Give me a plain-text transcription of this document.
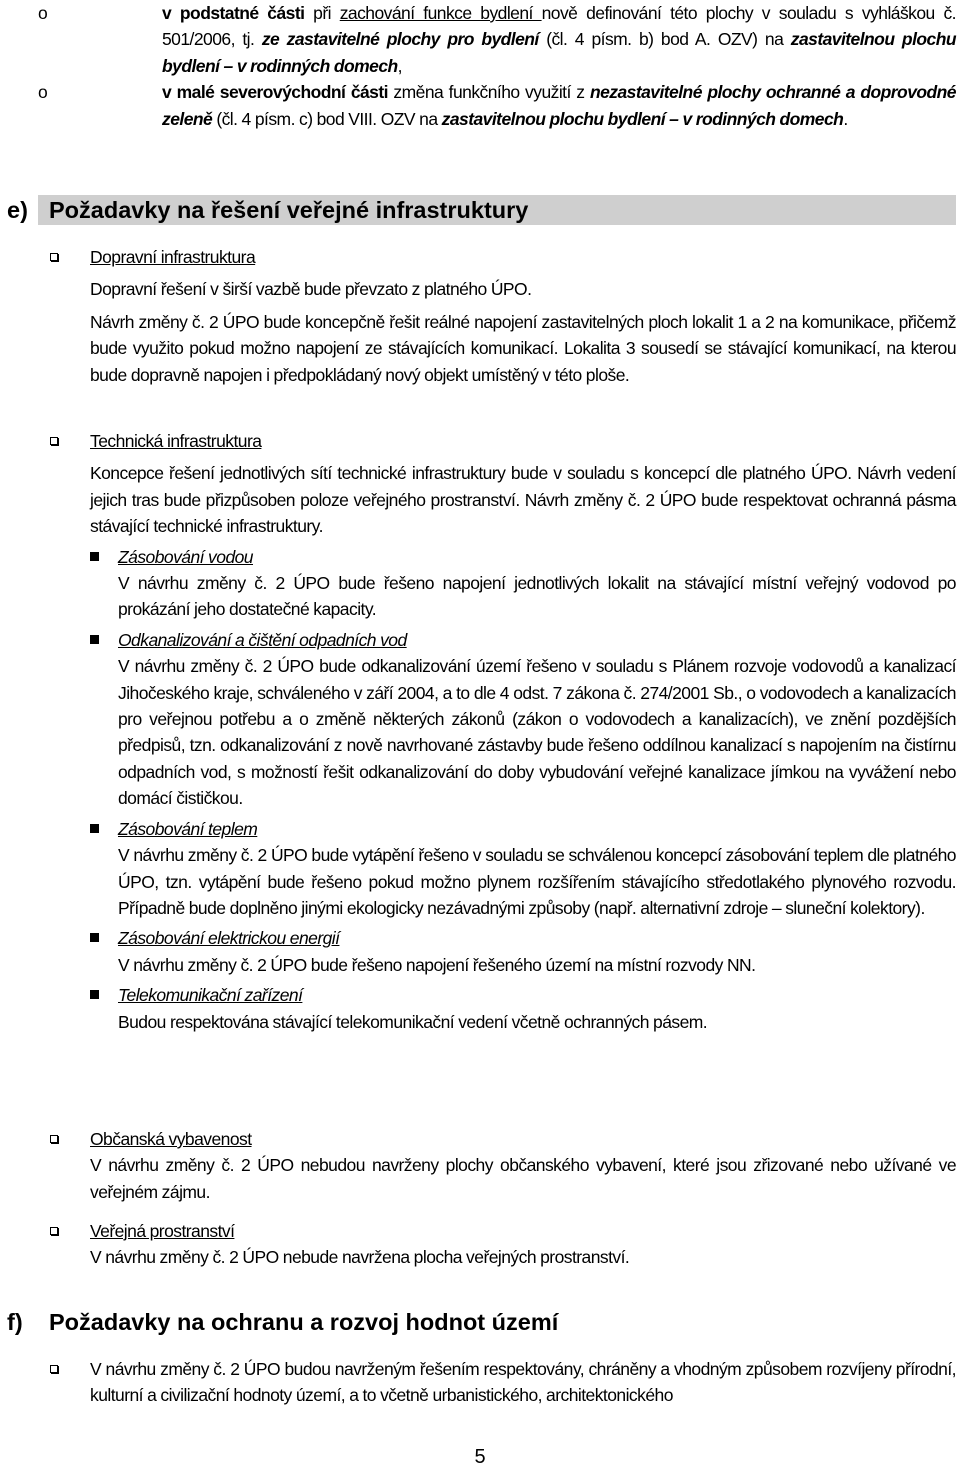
o	v podstatné části při zachování funkce bydlení nově definování této plochy v souladu s vyhláškou č. 501/2006, tj. ze zastavitelné plochy pro bydlení (čl. 4 písm. b) bod A. OZV) na zastavitelnou plochu bydlení – v rodinných domech,

o	v malé severovýchodní části změna funkčního využití z nezastavitelné plochy ochranné a doprovodné zeleně (čl. 4 písm. c) bod VIII. OZV na zastavitelnou plochu bydlení – v rodinných domech.

e) Požadavky na řešení veřejné infrastruktury

Dopravní infrastruktura

Dopravní řešení v širší vazbě bude převzato z platného ÚPO.

Návrh změny č. 2 ÚPO bude koncepčně řešit reálné napojení zastavitelných ploch lokalit 1 a 2 na komunikace, přičemž bude využito pokud možno napojení ze stávajících komunikací. Lokalita 3 sousedí se stávající komunikací, na kterou bude dopravně napojen i předpokládaný nový objekt umístěný v této ploše.

Technická infrastruktura

Koncepce řešení jednotlivých sítí technické infrastruktury bude v souladu s koncepcí dle platného ÚPO. Návrh vedení jejich tras bude přizpůsoben poloze veřejného prostranství. Návrh změny č. 2 ÚPO bude respektovat ochranná pásma stávající technické infrastruktury.

Zásobování vodou

V návrhu změny č. 2 ÚPO bude řešeno napojení jednotlivých lokalit na stávající místní veřejný vodovod po prokázání jeho dostatečné kapacity.

Odkanalizování a čištění odpadních vod

V návrhu změny č. 2 ÚPO bude odkanalizování území řešeno v souladu s Plánem rozvoje vodovodů a kanalizací Jihočeského kraje, schváleného v září 2004, a to dle 4 odst. 7 zákona č. 274/2001 Sb., o vodovodech a kanalizacích pro veřejnou potřebu a o změně některých zákonů (zákon o vodovodech a kanalizacích), ve znění pozdějších předpisů, tzn. odkanalizování z nově navrhované zástavby bude řešeno oddílnou kanalizací s napojením na čistírnu odpadních vod, s možností řešit odkanalizování do doby vybudování veřejné kanalizace jímkou na vyvážení nebo domácí čističkou.

Zásobování teplem

V návrhu změny č. 2 ÚPO bude vytápění řešeno v souladu se schválenou koncepcí zásobování teplem dle platného ÚPO, tzn. vytápění bude řešeno pokud možno plynem rozšířením stávajícího středotlakého plynového rozvodu. Případně bude doplněno jinými ekologicky nezávadnými způsoby (např. alternativní zdroje – sluneční kolektory).

Zásobování elektrickou energií

V návrhu změny č. 2 ÚPO bude řešeno napojení řešeného území na místní rozvody NN.

Telekomunikační zařízení

Budou respektována stávající telekomunikační vedení včetně ochranných pásem.

Občanská vybavenost

V návrhu změny č. 2 ÚPO nebudou navrženy plochy občanského vybavení, které jsou zřizované nebo užívané ve veřejném zájmu.

Veřejná prostranství

V návrhu změny č. 2 ÚPO nebude navržena plocha veřejných prostranství.

f)	Požadavky na ochranu a rozvoj hodnot území

V návrhu změny č. 2 ÚPO budou navrženým řešením respektovány, chráněny a vhodným způsobem rozvíjeny přírodní, kulturní a civilizační hodnoty území, a to včetně urbanistického, architektonického

5
